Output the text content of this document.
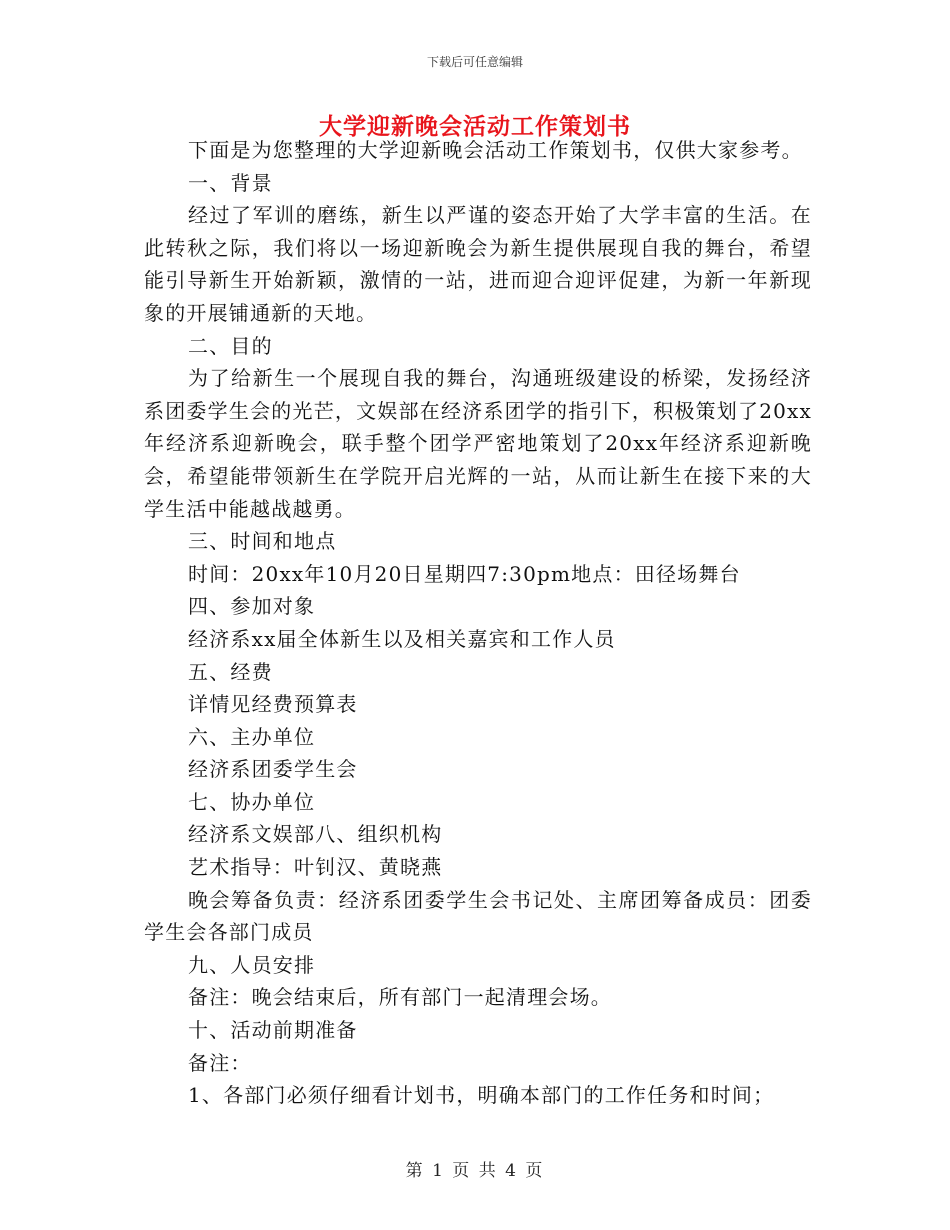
下载后可任意编辑
大学迎新晚会活动工作策划书

下面是为您整理的大学迎新晚会活动工作策划书，仅供大家参考。

一、背景

经过了军训的磨练，新生以严谨的姿态开始了大学丰富的生活。在此转秋之际，我们将以一场迎新晚会为新生提供展现自我的舞台，希望能引导新生开始新颖，激情的一站，进而迎合迎评促建，为新一年新现象的开展铺通新的天地。

二、目的

为了给新生一个展现自我的舞台，沟通班级建设的桥梁，发扬经济系团委学生会的光芒，文娱部在经济系团学的指引下，积极策划了20xx年经济系迎新晚会，联手整个团学严密地策划了20xx年经济系迎新晚会，希望能带领新生在学院开启光辉的一站，从而让新生在接下来的大学生活中能越战越勇。

三、时间和地点

时间：20xx年10月20日星期四7:30pm地点：田径场舞台

四、参加对象

经济系xx届全体新生以及相关嘉宾和工作人员

五、经费

详情见经费预算表

六、主办单位

经济系团委学生会

七、协办单位

经济系文娱部八、组织机构

艺术指导：叶钊汉、黄晓燕

晚会筹备负责：经济系团委学生会书记处、主席团筹备成员：团委学生会各部门成员

九、人员安排

备注：晚会结束后，所有部门一起清理会场。

十、活动前期准备

备注：

1、各部门必须仔细看计划书，明确本部门的工作任务和时间；

第 1 页 共 4 页
